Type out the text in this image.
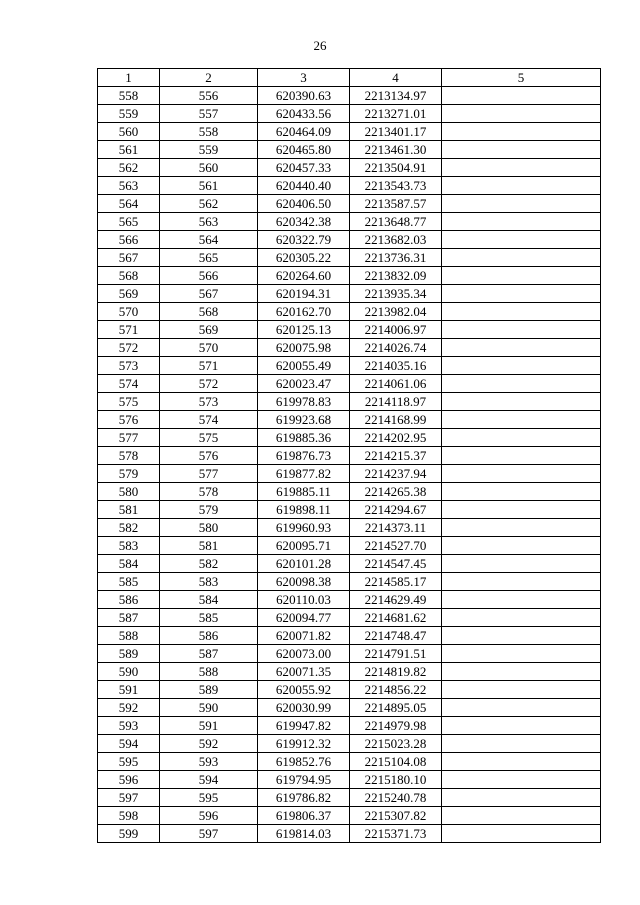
26
1	2	3	4	5
558	556	620390.63	2213134.97	
559	557	620433.56	2213271.01	
560	558	620464.09	2213401.17	
561	559	620465.80	2213461.30	
562	560	620457.33	2213504.91	
563	561	620440.40	2213543.73	
564	562	620406.50	2213587.57	
565	563	620342.38	2213648.77	
566	564	620322.79	2213682.03	
567	565	620305.22	2213736.31	
568	566	620264.60	2213832.09	
569	567	620194.31	2213935.34	
570	568	620162.70	2213982.04	
571	569	620125.13	2214006.97	
572	570	620075.98	2214026.74	
573	571	620055.49	2214035.16	
574	572	620023.47	2214061.06	
575	573	619978.83	2214118.97	
576	574	619923.68	2214168.99	
577	575	619885.36	2214202.95	
578	576	619876.73	2214215.37	
579	577	619877.82	2214237.94	
580	578	619885.11	2214265.38	
581	579	619898.11	2214294.67	
582	580	619960.93	2214373.11	
583	581	620095.71	2214527.70	
584	582	620101.28	2214547.45	
585	583	620098.38	2214585.17	
586	584	620110.03	2214629.49	
587	585	620094.77	2214681.62	
588	586	620071.82	2214748.47	
589	587	620073.00	2214791.51	
590	588	620071.35	2214819.82	
591	589	620055.92	2214856.22	
592	590	620030.99	2214895.05	
593	591	619947.82	2214979.98	
594	592	619912.32	2215023.28	
595	593	619852.76	2215104.08	
596	594	619794.95	2215180.10	
597	595	619786.82	2215240.78	
598	596	619806.37	2215307.82	
599	597	619814.03	2215371.73	
